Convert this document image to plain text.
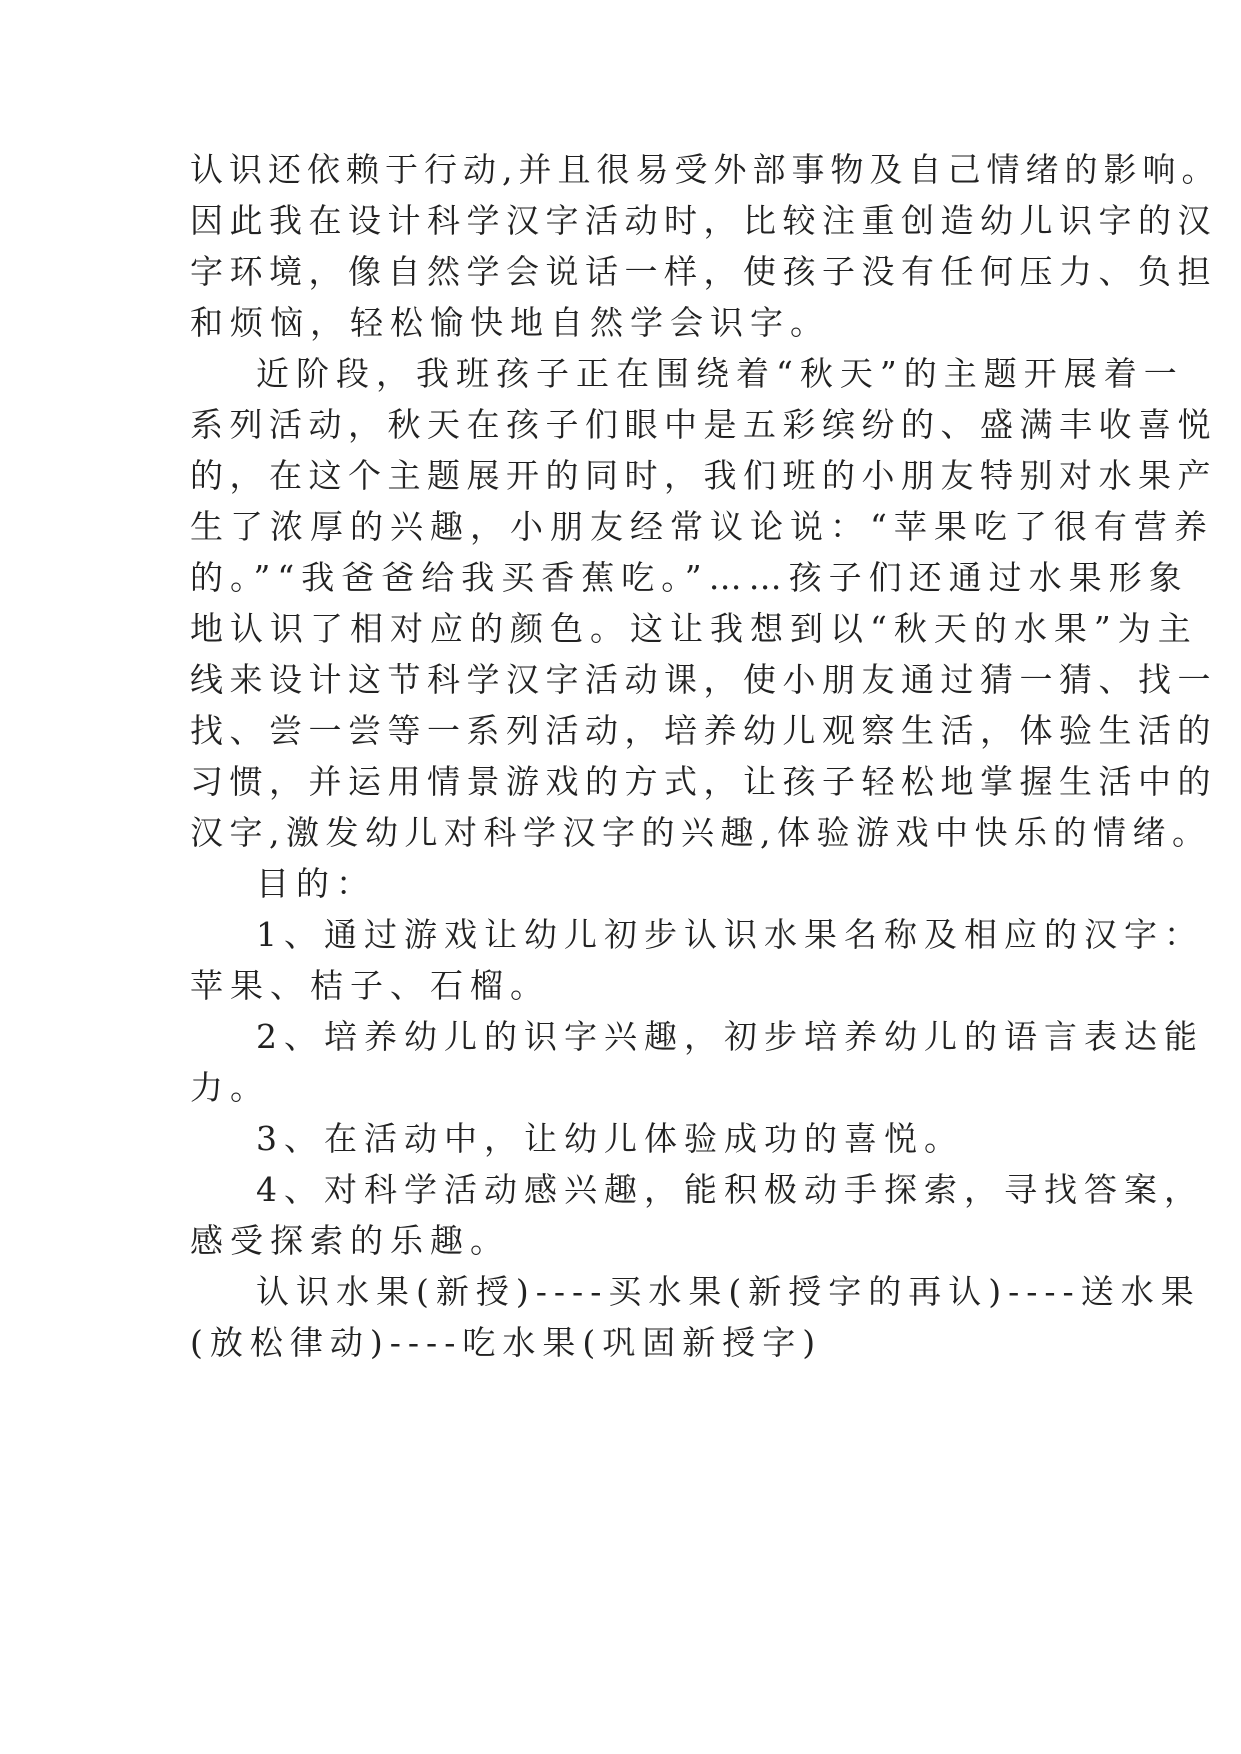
认识还依赖于行动,并且很易受外部事物及自己情绪的影响。

因此我在设计科学汉字活动时，比较注重创造幼儿识字的汉

字环境，像自然学会说话一样，使孩子没有任何压力、负担

和烦恼，轻松愉快地自然学会识字。

近阶段，我班孩子正在围绕着“秋天”的主题开展着一

系列活动，秋天在孩子们眼中是五彩缤纷的、盛满丰收喜悦

的，在这个主题展开的同时，我们班的小朋友特别对水果产

生了浓厚的兴趣，小朋友经常议论说：“苹果吃了很有营养

的。”“我爸爸给我买香蕉吃。”……孩子们还通过水果形象

地认识了相对应的颜色。这让我想到以“秋天的水果”为主

线来设计这节科学汉字活动课，使小朋友通过猜一猜、找一

找、尝一尝等一系列活动，培养幼儿观察生活，体验生活的

习惯，并运用情景游戏的方式，让孩子轻松地掌握生活中的

汉字,激发幼儿对科学汉字的兴趣,体验游戏中快乐的情绪。

目的：

1、通过游戏让幼儿初步认识水果名称及相应的汉字：

苹果、桔子、石榴。

2、培养幼儿的识字兴趣，初步培养幼儿的语言表达能

力。

3、在活动中，让幼儿体验成功的喜悦。

4、对科学活动感兴趣，能积极动手探索，寻找答案，

感受探索的乐趣。

认识水果(新授)----买水果(新授字的再认)----送水果

(放松律动)----吃水果(巩固新授字)
